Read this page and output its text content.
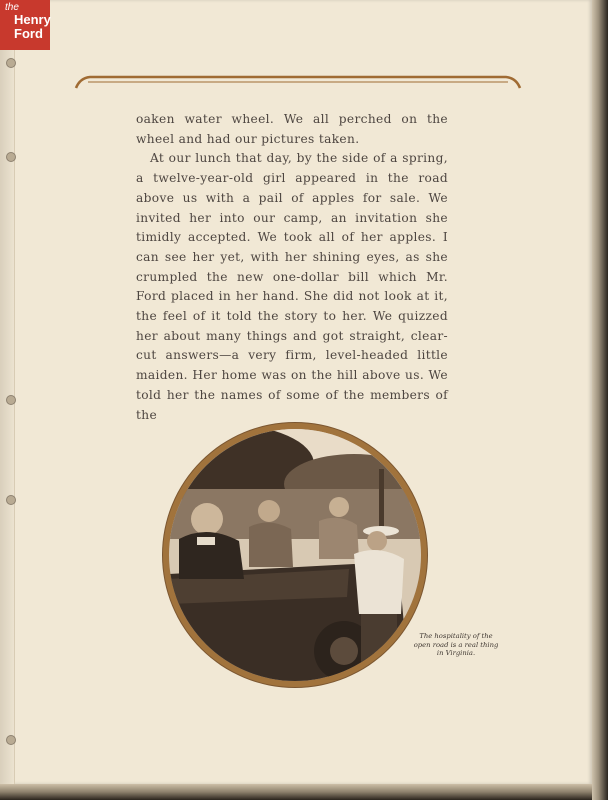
the
Henry
Ford

oaken water wheel. We all perched on the wheel and had our pictures taken.

At our lunch that day, by the side of a spring, a twelve-year-old girl appeared in the road above us with a pail of apples for sale. We invited her into our camp, an invitation she timidly accepted. We took all of her apples. I can see her yet, with her shining eyes, as she crumpled the new one-dollar bill which Mr. Ford placed in her hand. She did not look at it, the feel of it told the story to her. We quizzed her about many things and got straight, clear-cut answers—a very firm, level-headed little maiden. Her home was on the hill above us. We told her the names of some of the members of the

The hospitality of the open road is a real thing in Virginia.
